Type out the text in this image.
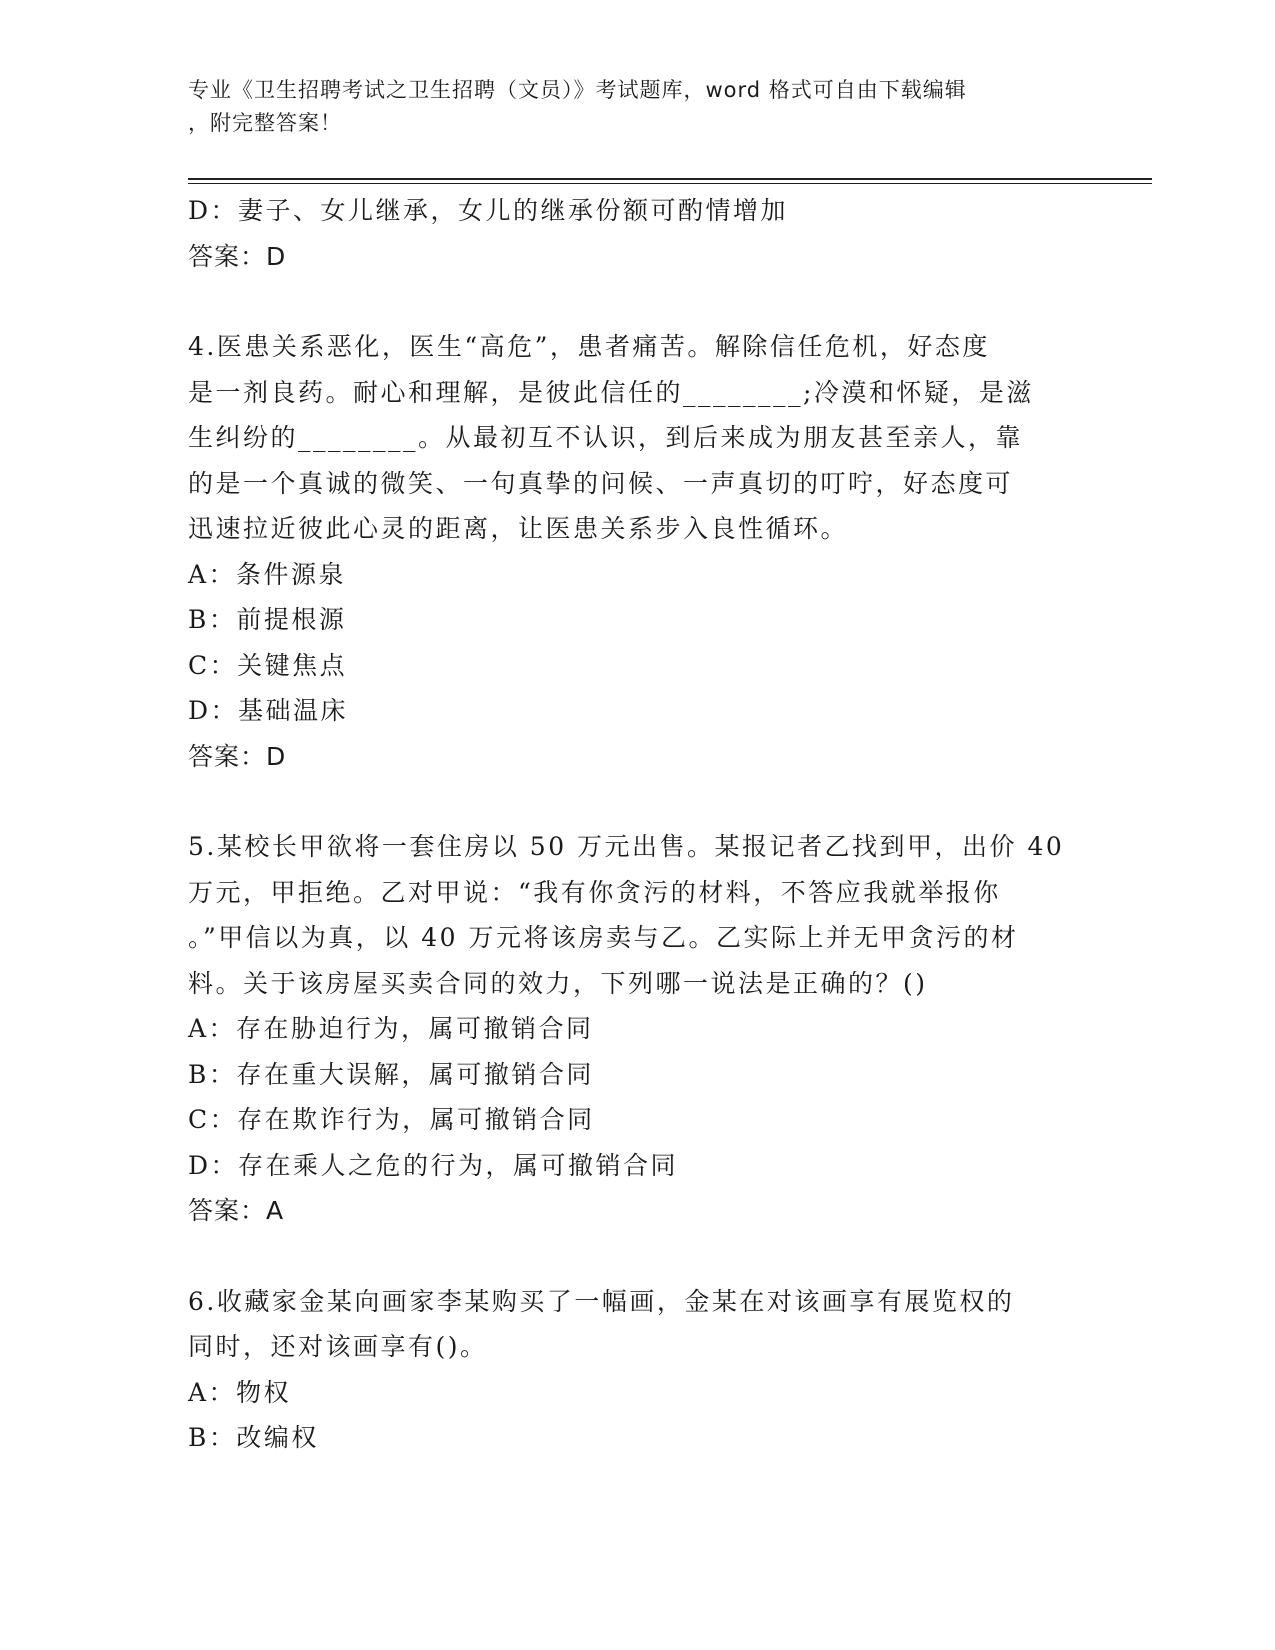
专业《卫生招聘考试之卫生招聘（文员）》考试题库，word 格式可自由下载编辑
，附完整答案！
D：妻子、女儿继承，女儿的继承份额可酌情增加
答案：D
4.医患关系恶化，医生“高危”，患者痛苦。解除信任危机，好态度
是一剂良药。耐心和理解，是彼此信任的________;冷漠和怀疑，是滋
生纠纷的________。从最初互不认识，到后来成为朋友甚至亲人，靠
的是一个真诚的微笑、一句真挚的问候、一声真切的叮咛，好态度可
迅速拉近彼此心灵的距离，让医患关系步入良性循环。
A：条件源泉
B：前提根源
C：关键焦点
D：基础温床
答案：D
5.某校长甲欲将一套住房以 50 万元出售。某报记者乙找到甲，出价 40
万元，甲拒绝。乙对甲说：“我有你贪污的材料，不答应我就举报你
。”甲信以为真，以 40 万元将该房卖与乙。乙实际上并无甲贪污的材
料。关于该房屋买卖合同的效力，下列哪一说法是正确的？()
A：存在胁迫行为，属可撤销合同
B：存在重大误解，属可撤销合同
C：存在欺诈行为，属可撤销合同
D：存在乘人之危的行为，属可撤销合同
答案：A
6.收藏家金某向画家李某购买了一幅画，金某在对该画享有展览权的
同时，还对该画享有()。
A：物权
B：改编权
